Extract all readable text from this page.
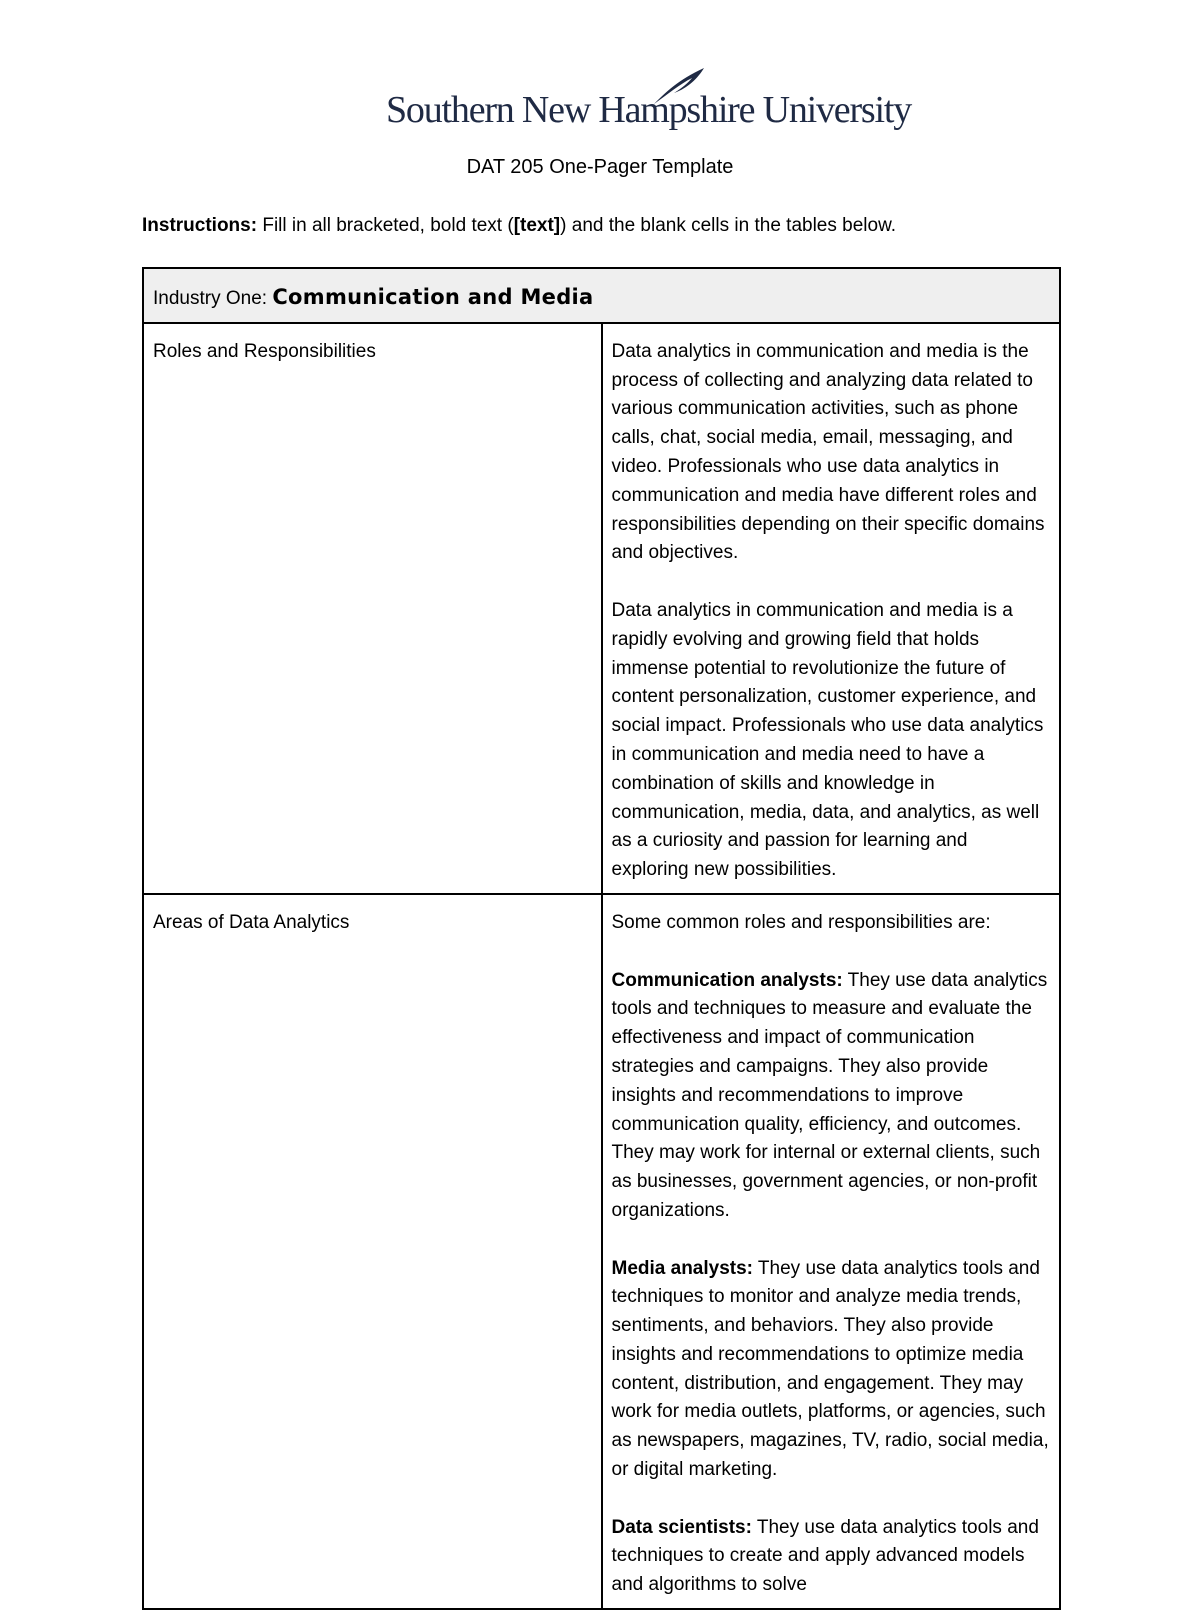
Southern New Hampshire University
DAT 205 One-Pager Template
Instructions: Fill in all bracketed, bold text ([text]) and the blank cells in the tables below.
Industry One: Communication and Media	
Roles and Responsibilities	Data analytics in communication and media is the process of collecting and analyzing data related to various communication activities, such as phone calls, chat, social media, email, messaging, and video. Professionals who use data analytics in communication and media have different roles and responsibilities depending on their specific domains and objectives.

Data analytics in communication and media is a rapidly evolving and growing field that holds immense potential to revolutionize the future of content personalization, customer experience, and social impact. Professionals who use data analytics in communication and media need to have a combination of skills and knowledge in communication, media, data, and analytics, as well as a curiosity and passion for learning and exploring new possibilities.

Areas of Data Analytics	Some common roles and responsibilities are:

Communication analysts: They use data analytics tools and techniques to measure and evaluate the effectiveness and impact of communication strategies and campaigns. They also provide insights and recommendations to improve communication quality, efficiency, and outcomes. They may work for internal or external clients, such as businesses, government agencies, or non-profit organizations.

Media analysts: They use data analytics tools and techniques to monitor and analyze media trends, sentiments, and behaviors. They also provide insights and recommendations to optimize media content, distribution, and engagement. They may work for media outlets, platforms, or agencies, such as newspapers, magazines, TV, radio, social media, or digital marketing.

Data scientists: They use data analytics tools and techniques to create and apply advanced models and algorithms to solve
